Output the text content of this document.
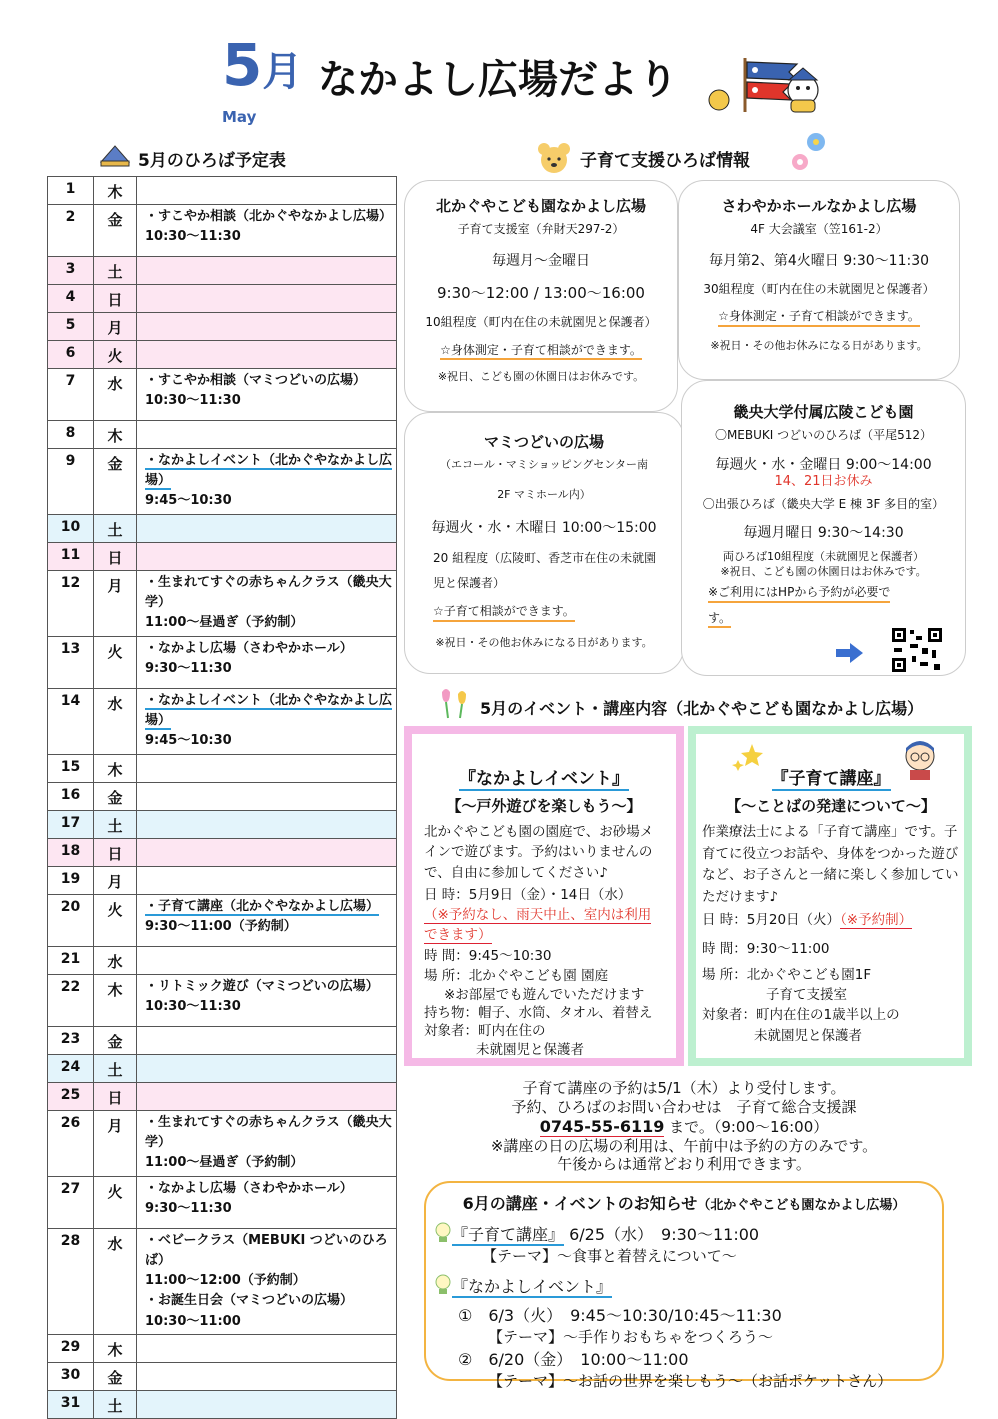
5月
May
なかよし広場だより
5月のひろば予定表
1	木	
2	金	・すこやか相談（北かぐやなかよし広場）
10:30～11:30

3	土	
4	日	
5	月	
6	火	
7	水	・すこやか相談（マミつどいの広場）
10:30～11:30

8	木	
9	金	・なかよしイベント（北かぐやなかよし広場）
9:45～10:30

10	土	
11	日	
12	月	・生まれてすぐの赤ちゃんクラス（畿央大学）
11:00～昼過ぎ（予約制）

13	火	・なかよし広場（さわやかホール）
9:30～11:30

14	水	・なかよしイベント（北かぐやなかよし広場）
9:45～10:30

15	木	
16	金	
17	土	
18	日	
19	月	
20	火	・子育て講座（北かぐやなかよし広場）
9:30～11:00（予約制）

21	水	
22	木	・リトミック遊び（マミつどいの広場）
10:30～11:30

23	金	
24	土	
25	日	
26	月	・生まれてすぐの赤ちゃんクラス（畿央大学）
11:00～昼過ぎ（予約制）

27	火	・なかよし広場（さわやかホール）
9:30～11:30

28	水	・ベビークラス（MEBUKI つどいのひろば）
11:00～12:00（予約制）
・お誕生日会（マミつどいの広場）
10:30～11:00

29	木	
30	金	
31	土	
子育て支援ひろば情報
北かぐやこども園なかよし広場
子育て支援室（弁財天297-2）
毎週月～金曜日
9:30～12:00 / 13:00～16:00
10組程度（町内在住の未就園児と保護者）
☆身体測定・子育て相談ができます。
※祝日、こども園の休園日はお休みです。
さわやかホールなかよし広場
4F 大会議室（笠161-2）
毎月第2、第4火曜日 9:30～11:30
30組程度（町内在住の未就園児と保護者）
☆身体測定・子育て相談ができます。
※祝日・その他お休みになる日があります。
マミつどいの広場
（エコール・マミショッピングセンター南
2F マミホール内）
毎週火・水・木曜日 10:00～15:00
20 組程度（広陵町、香芝市在住の未就園
児と保護者）
☆子育て相談ができます。
※祝日・その他お休みになる日があります。
畿央大学付属広陵こども園
〇MEBUKI つどいのひろば（平尾512）
毎週火・水・金曜日 9:00～14:00
14、21日お休み
〇出張ひろば（畿央大学 E 棟 3F 多目的室）
毎週月曜日 9:30～14:30
両ひろば10組程度（未就園児と保護者）
※祝日、こども園の休園日はお休みです。
※ご利用にはHPから予約が必要で
す。
5月のイベント・講座内容（北かぐやこども園なかよし広場）
『なかよしイベント』
【～戸外遊びを楽しもう～】
北かぐやこども園の園庭で、お砂場メインで遊びます。予約はいりませんので、自由に参加してください♪
日 時：5月9日（金）・14日（水）
（※予約なし、雨天中止、室内は利用できます）
時 間：9:45～10:30
場 所：北かぐやこども園 園庭
※お部屋でも遊んでいただけます
持ち物：帽子、水筒、タオル、着替え
対象者：町内在住の
未就園児と保護者
『子育て講座』
【～ことばの発達について～】
作業療法士による「子育て講座」です。子育てに役立つお話や、身体をつかった遊びなど、お子さんと一緒に楽しく参加していただけます♪
日 時：5月20日（火）（※予約制）
時 間：9:30～11:00
場 所：北かぐやこども園1F
子育て支援室
対象者：町内在住の1歳半以上の
未就園児と保護者
子育て講座の予約は5/1（木）より受付します。
予約、ひろばのお問い合わせは　子育て総合支援課
0745-55-6119 まで。（9:00～16:00）
※講座の日の広場の利用は、午前中は予約の方のみです。
午後からは通常どおり利用できます。
6月の講座・イベントのお知らせ（北かぐやこども園なかよし広場）
『子育て講座』 6/25（水）　9:30～11:00
【テーマ】～食事と着替えについて～
『なかよしイベント』
①　6/3（火）　9:45～10:30/10:45～11:30
【テーマ】～手作りおもちゃをつくろう～
②　6/20（金）　10:00～11:00
【テーマ】～お話の世界を楽しもう～（お話ポケットさん）
